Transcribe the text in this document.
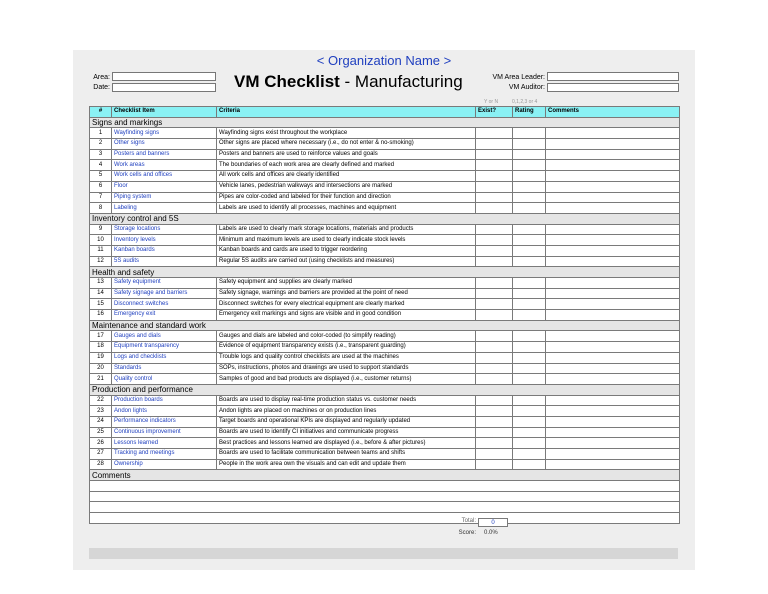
< Organization Name >
VM Checklist - Manufacturing
Area:
Date:
VM Area Leader:
VM Auditor:
Y or N	0,1,2,3 or 4
#	Checklist Item	Criteria	Exist?	Rating	Comments
Signs and markings					
1	Wayfinding signs	Wayfinding signs exist throughout the workplace			
2	Other signs	Other signs are placed where necessary (i.e., do not enter & no-smoking)			
3	Posters and banners	Posters and banners are used to reinforce values and goals			
4	Work areas	The boundaries of each work area are clearly defined and marked			
5	Work cells and offices	All work cells and offices are clearly identified			
6	Floor	Vehicle lanes, pedestrian walkways and intersections are marked			
7	Piping system	Pipes are color-coded and labeled for their function and direction			
8	Labeling	Labels are used to identify all processes, machines and equipment			
Inventory control and 5S					
9	Storage locations	Labels are used to clearly mark storage locations, materials and products			
10	Inventory levels	Minimum and maximum levels are used to clearly indicate stock levels			
11	Kanban boards	Kanban boards and cards are used to trigger reordering			
12	5S audits	Regular 5S audits are carried out (using checklists and measures)			
Health and safety					
13	Safety equipment	Safety equipment and supplies are clearly marked			
14	Safety signage and barriers	Safety signage, warnings and barriers are provided at the point of need			
15	Disconnect switches	Disconnect switches for every electrical equipment are clearly marked			
16	Emergency exit	Emergency exit markings and signs are visible and in good condition			
Maintenance and standard work					
17	Gauges and dials	Gauges and dials are labeled and color-coded (to simplify reading)			
18	Equipment transparency	Evidence of equipment transparency exists (i.e., transparent guarding)			
19	Logs and checklists	Trouble logs and quality control checklists are used at the machines			
20	Standards	SOPs, instructions, photos and drawings are used to support standards			
21	Quality control	Samples of good and bad products are displayed (i.e., customer returns)			
Production and performance					
22	Production boards	Boards are used to display real-time production status vs. customer needs			
23	Andon lights	Andon lights are placed on machines or on production lines			
24	Performance indicators	Target boards and operational KPIs are displayed and regularly updated			
25	Continuous improvement	Boards are used to identify CI initiatives and communicate progress			
26	Lessons learned	Best practices and lessons learned are displayed (i.e., before & after pictures)			
27	Tracking and meetings	Boards are used to facilitate communication between teams and shifts			
28	Ownership	People in the work area own the visuals and can edit and update them			
Comments					

Total:	0
Score: 0.0%
